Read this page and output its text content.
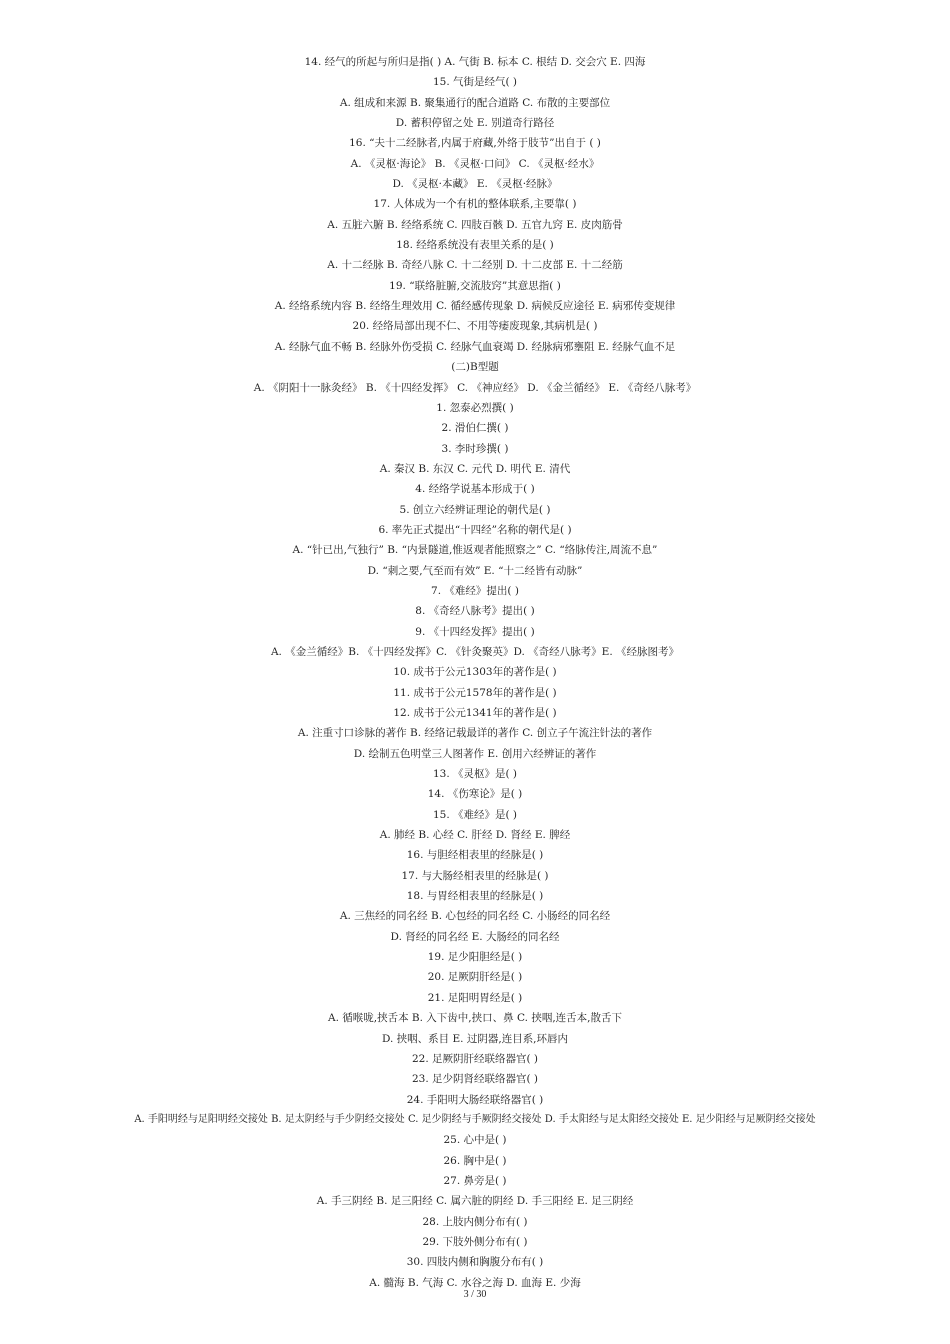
14. 经气的所起与所归是指( ) A. 气街 B. 标本 C. 根结 D. 交会穴 E. 四海
15. 气街是经气( )
A. 组成和来源 B. 聚集通行的配合道路 C. 布散的主要部位
D. 蓄积停留之处 E. 别道奇行路径
16. “夫十二经脉者,内属于府藏,外络于肢节”出自于 ( )
A. 《灵枢·海论》 B. 《灵枢·口问》 C. 《灵枢·经水》
D. 《灵枢·本藏》 E. 《灵枢·经脉》
17. 人体成为一个有机的整体联系,主要靠( )
A. 五脏六腑 B. 经络系统 C. 四肢百骸 D. 五官九窍 E. 皮肉筋骨
18. 经络系统没有表里关系的是( )
A. 十二经脉 B. 奇经八脉 C. 十二经别 D. 十二皮部 E. 十二经筋
19. “联络脏腑,交流肢窍”其意思指( )
A. 经络系统内容 B. 经络生理效用 C. 循经感传现象 D. 病候反应途径 E. 病邪传变规律
20. 经络局部出现不仁、不用等痿废现象,其病机是( )
A. 经脉气血不畅 B. 经脉外伤受损 C. 经脉气血衰竭 D. 经脉病邪壅阻 E. 经脉气血不足
(二)B型题
A. 《阴阳十一脉灸经》 B. 《十四经发挥》 C. 《神应经》 D. 《金兰循经》 E. 《奇经八脉考》
1. 忽泰必烈撰( )
2. 滑伯仁撰( )
3. 李时珍撰( )
A. 秦汉 B. 东汉 C. 元代 D. 明代 E. 清代
4. 经络学说基本形成于( )
5. 创立六经辨证理论的朝代是( )
6. 率先正式提出“十四经”名称的朝代是( )
A. “针已出,气独行” B. “内景隧道,惟返观者能照察之” C. “络脉传注,周流不息”
D. “刺之要,气至而有效” E. “十二经皆有动脉”
7. 《难经》提出( )
8. 《奇经八脉考》提出( )
9. 《十四经发挥》提出( )
A. 《金兰循经》B. 《十四经发挥》C. 《针灸聚英》D. 《奇经八脉考》E. 《经脉图考》
10. 成书于公元1303年的著作是( )
11. 成书于公元1578年的著作是( )
12. 成书于公元1341年的著作是( )
A. 注重寸口诊脉的著作 B. 经络记载最详的著作 C. 创立子午流注针法的著作
D. 绘制五色明堂三人图著作 E. 创用六经辨证的著作
13. 《灵枢》是( )
14. 《伤寒论》是( )
15. 《难经》是( )
A. 肺经 B. 心经 C. 肝经 D. 肾经 E. 脾经
16. 与胆经相表里的经脉是( )
17. 与大肠经相表里的经脉是( )
18. 与胃经相表里的经脉是( )
A. 三焦经的同名经 B. 心包经的同名经 C. 小肠经的同名经
D. 肾经的同名经 E. 大肠经的同名经
19. 足少阳胆经是( )
20. 足厥阴肝经是( )
21. 足阳明胃经是( )
A. 循喉咙,挟舌本 B. 入下齿中,挟口、鼻 C. 挟咽,连舌本,散舌下
D. 挟咽、系目 E. 过阴器,连目系,环唇内
22. 足厥阴肝经联络器官( )
23. 足少阴肾经联络器官( )
24. 手阳明大肠经联络器官( )
A. 手阳明经与足阳明经交接处 B. 足太阴经与手少阴经交接处 C. 足少阴经与手厥阴经交接处 D. 手太阳经与足太阳经交接处 E. 足少阳经与足厥阴经交接处
25. 心中是( )
26. 胸中是( )
27. 鼻旁是( )
A. 手三阴经 B. 足三阳经 C. 属六脏的阴经 D. 手三阳经 E. 足三阴经
28. 上肢内侧分布有( )
29. 下肢外侧分布有( )
30. 四肢内侧和胸腹分布有( )
A. 髓海 B. 气海 C. 水谷之海 D. 血海 E. 少海
3 / 30
